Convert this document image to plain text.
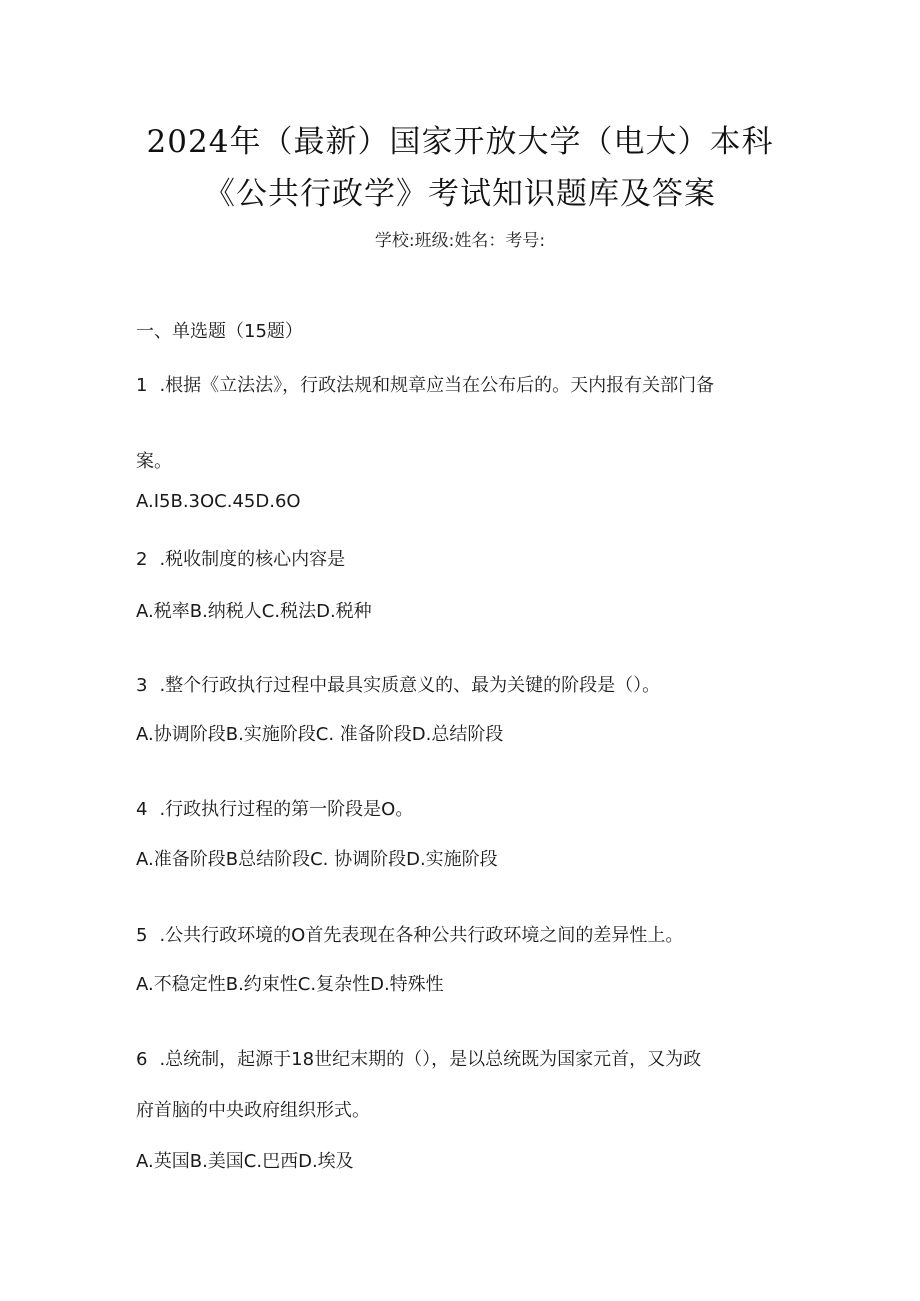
2024年（最新）国家开放大学（电大）本科
《公共行政学》考试知识题库及答案
学校:班级:姓名：考号:
一、单选题（15题）
1 .根据《立法法》，行政法规和规章应当在公布后的。天内报有关部门备
案。
A.I5B.3OC.45D.6O
2 .税收制度的核心内容是
A.税率B.纳税人C.税法D.税种
3 .整个行政执行过程中最具实质意义的、最为关键的阶段是（）。
A.协调阶段B.实施阶段C. 准备阶段D.总结阶段
4 .行政执行过程的第一阶段是O。
A.准备阶段B总结阶段C. 协调阶段D.实施阶段
5 .公共行政环境的O首先表现在各种公共行政环境之间的差异性上。
A.不稳定性B.约束性C.复杂性D.特殊性
6 .总统制，起源于18世纪末期的（），是以总统既为国家元首，又为政
府首脑的中央政府组织形式。
A.英国B.美国C.巴西D.埃及
